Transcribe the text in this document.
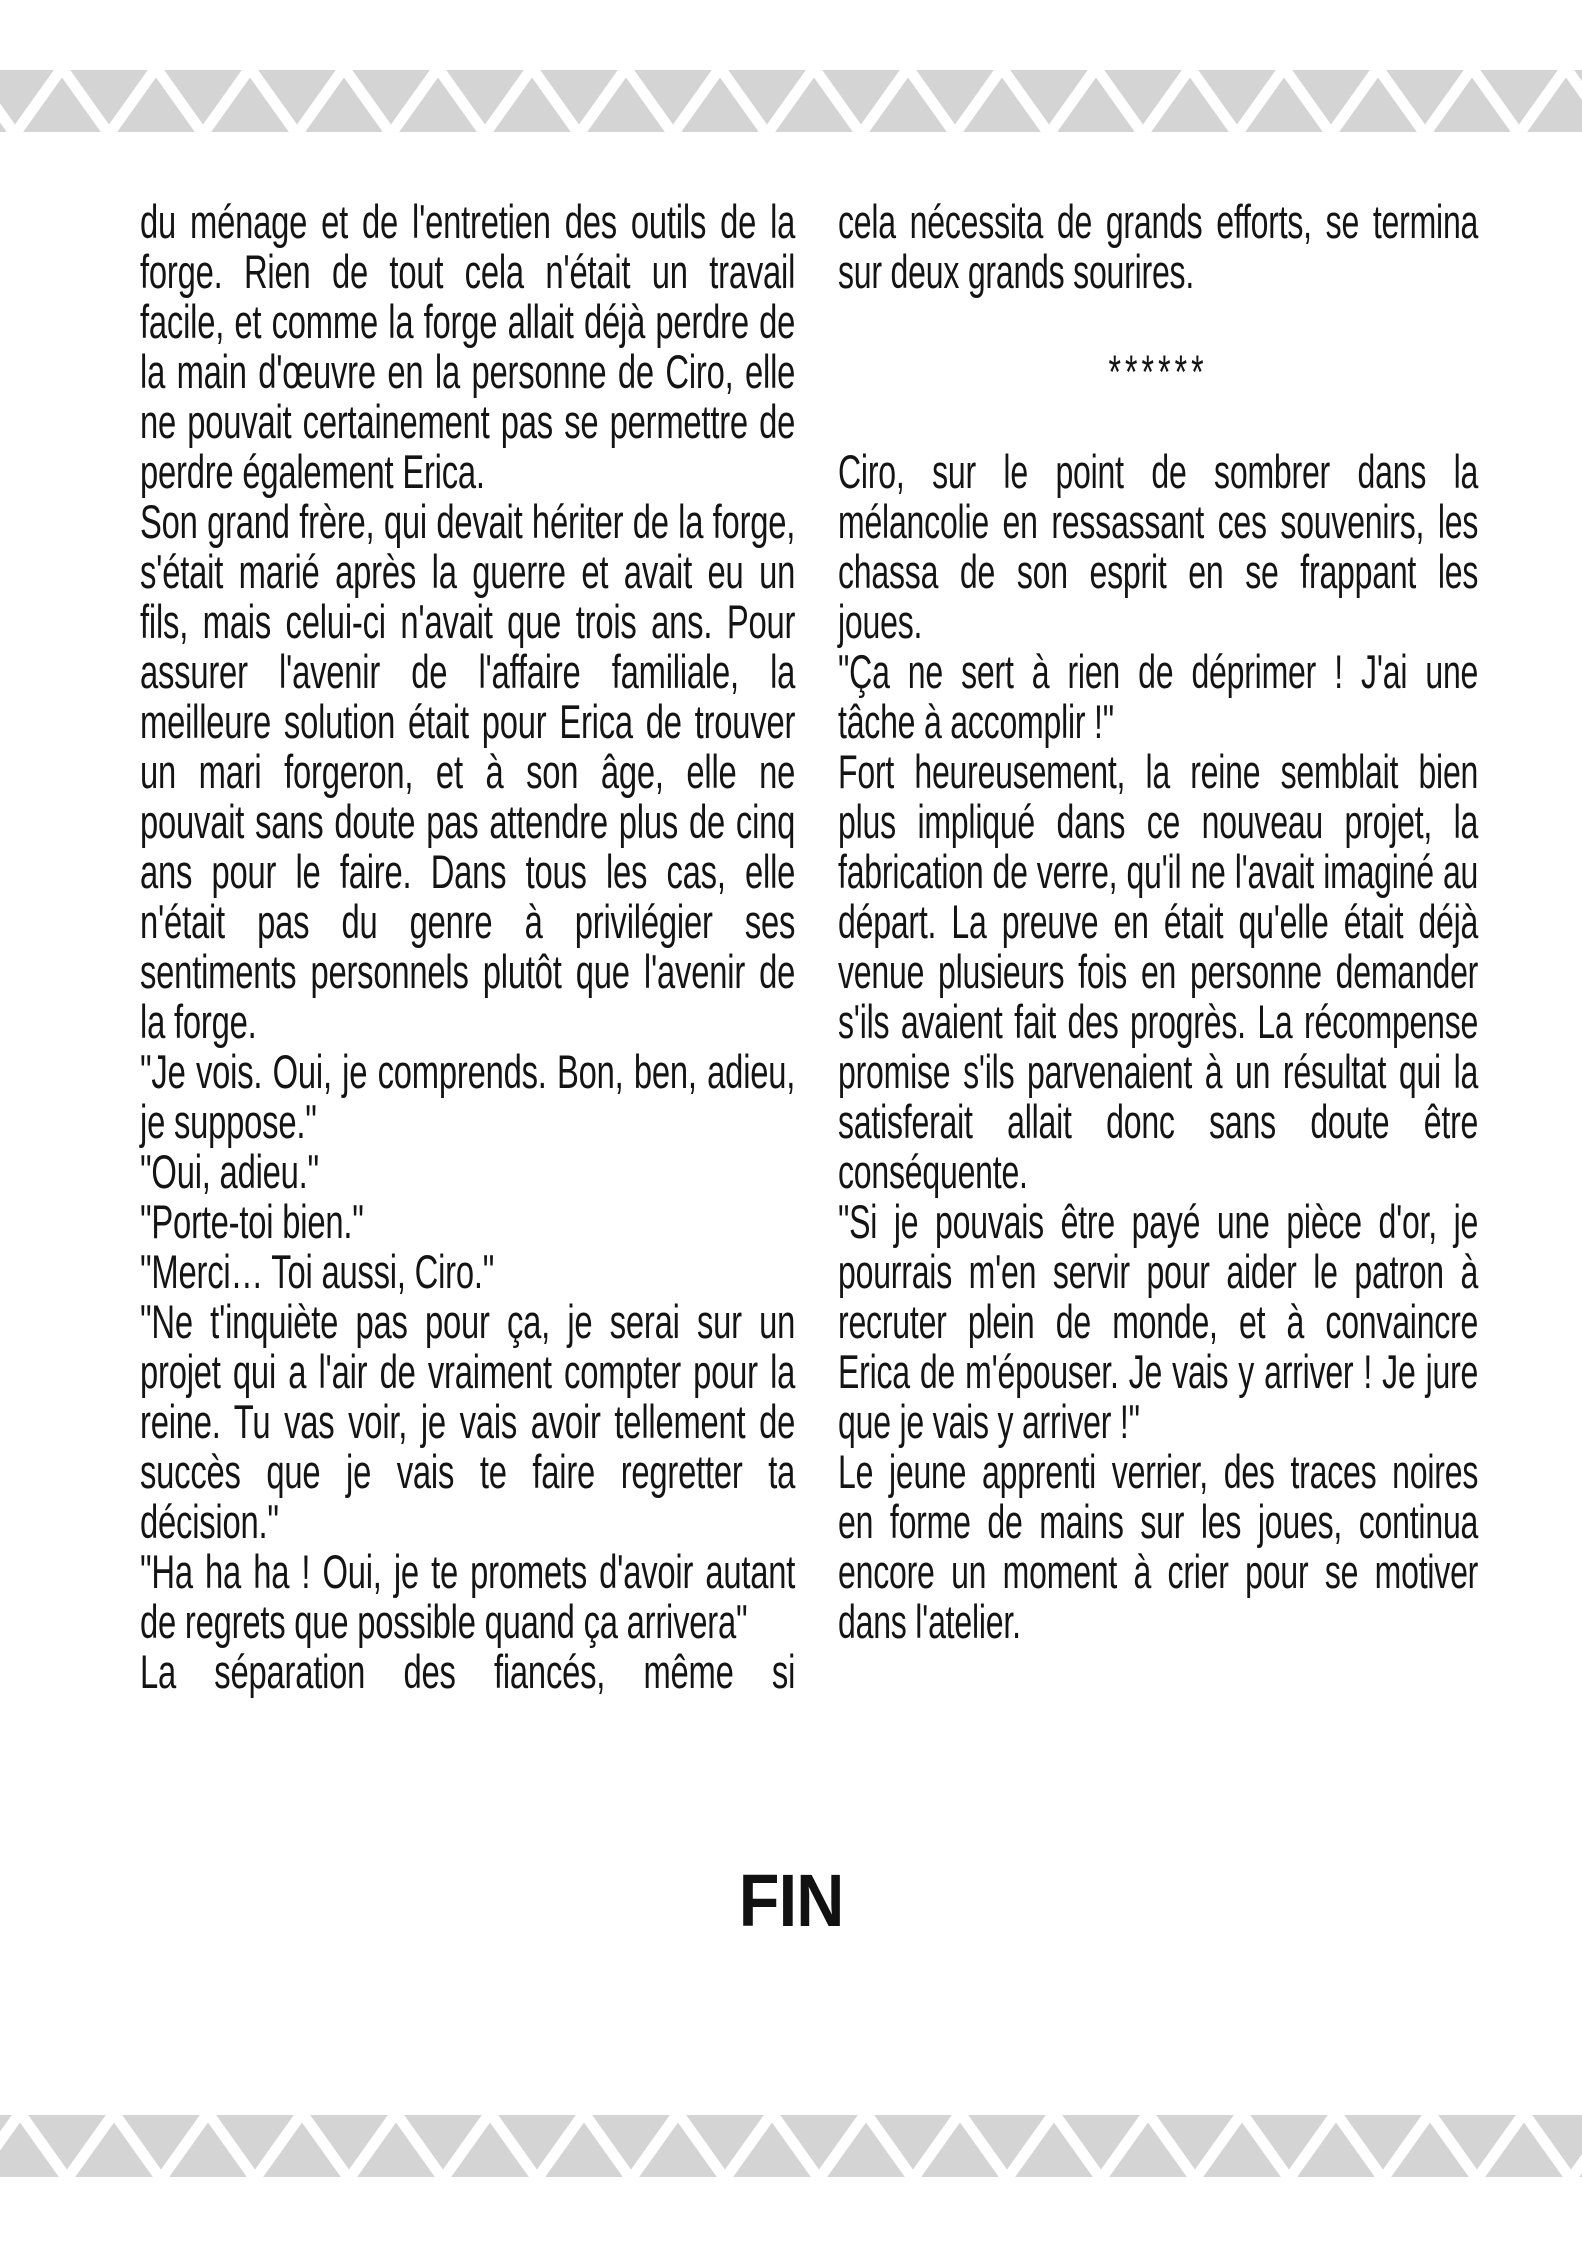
du ménage et de l'entretien des outils de la forge. Rien de tout cela n'était un travail facile, et comme la forge allait déjà perdre de la main d'œuvre en la personne de Ciro, elle ne pouvait certainement pas se permettre de perdre également Erica.

Son grand frère, qui devait hériter de la forge, s'était marié après la guerre et avait eu un fils, mais celui-ci n'avait que trois ans. Pour assurer l'avenir de l'affaire familiale, la meilleure solution était pour Erica de trouver un mari forgeron, et à son âge, elle ne pouvait sans doute pas attendre plus de cinq ans pour le faire. Dans tous les cas, elle n'était pas du genre à privilégier ses sentiments personnels plutôt que l'avenir de la forge.

"Je vois. Oui, je comprends. Bon, ben, adieu, je suppose."

"Oui, adieu."

"Porte-toi bien."

"Merci… Toi aussi, Ciro."

"Ne t'inquiète pas pour ça, je serai sur un projet qui a l'air de vraiment compter pour la reine. Tu vas voir, je vais avoir tellement de succès que je vais te faire regretter ta décision."

"Ha ha ha ! Oui, je te promets d'avoir autant de regrets que possible quand ça arrivera"

La séparation des fiancés, même si

cela nécessita de grands efforts, se termina sur deux grands sourires.

******

Ciro, sur le point de sombrer dans la mélancolie en ressassant ces souvenirs, les chassa de son esprit en se frappant les joues.

"Ça ne sert à rien de déprimer ! J'ai une tâche à accomplir !"

Fort heureusement, la reine semblait bien plus impliqué dans ce nouveau projet, la fabrication de verre, qu'il ne l'avait imaginé au départ. La preuve en était qu'elle était déjà venue plusieurs fois en personne demander s'ils avaient fait des progrès. La récompense promise s'ils parvenaient à un résultat qui la satisferait allait donc sans doute être conséquente.

"Si je pouvais être payé une pièce d'or, je pourrais m'en servir pour aider le patron à recruter plein de monde, et à convaincre Erica de m'épouser. Je vais y arriver ! Je jure que je vais y arriver !"

Le jeune apprenti verrier, des traces noires en forme de mains sur les joues, continua encore un moment à crier pour se motiver dans l'atelier.

FIN
